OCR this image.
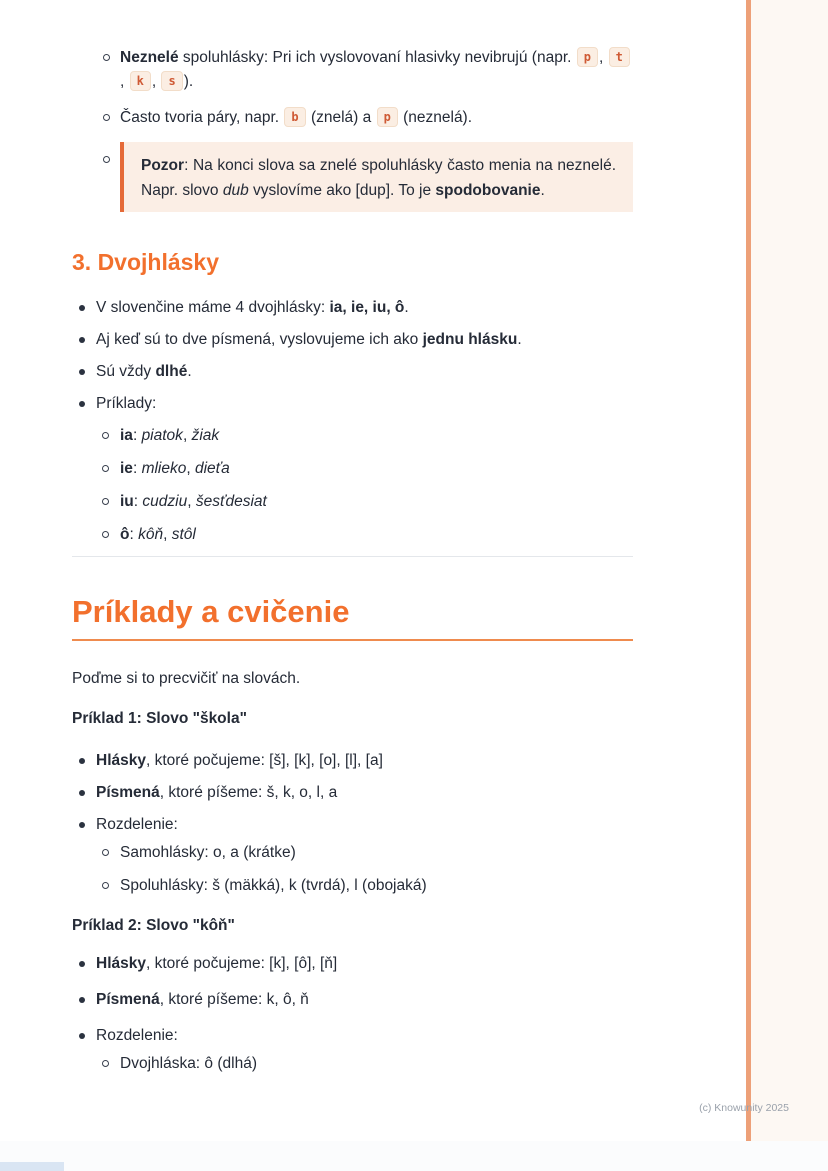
Neznelé spoluhlásky: Pri ich vyslovovaní hlasivky nevibrujú (napr. p , t, k , s ).
Často tvoria páry, napr. b (znelá) a p (neznelá).

Pozor: Na konci slova sa znelé spoluhlásky často menia na neznelé. Napr. slovo dub vyslovíme ako [dup]. To je spodobovanie.

3. Dvojhlásky
V slovenčine máme 4 dvojhlásky: ia, ie, iu, ô.
Aj keď sú to dve písmená, vyslovujeme ich ako jednu hlásku.
Sú vždy dlhé.
Príklady:
ia: piatok, žiak
ie: mlieko, dieťa
iu: cudziu, šesťdesiat
ô: kôň, stôl
Príklady a cvičenie

Poďme si to precvičiť na slovách.

Príklad 1: Slovo "škola"

Hlásky, ktoré počujeme: [š], [k], [o], [l], [a]
Písmená, ktoré píšeme: š, k, o, l, a
Rozdelenie:
Samohlásky: o, a (krátke)
Spoluhlásky: š (mäkká), k (tvrdá), l (obojaká)

Príklad 2: Slovo "kôň"

Hlásky, ktoré počujeme: [k], [ô], [ň]
Písmená, ktoré píšeme: k, ô, ň
Rozdelenie:
Dvojhláska: ô (dlhá)
(c) Knowunity 2025
